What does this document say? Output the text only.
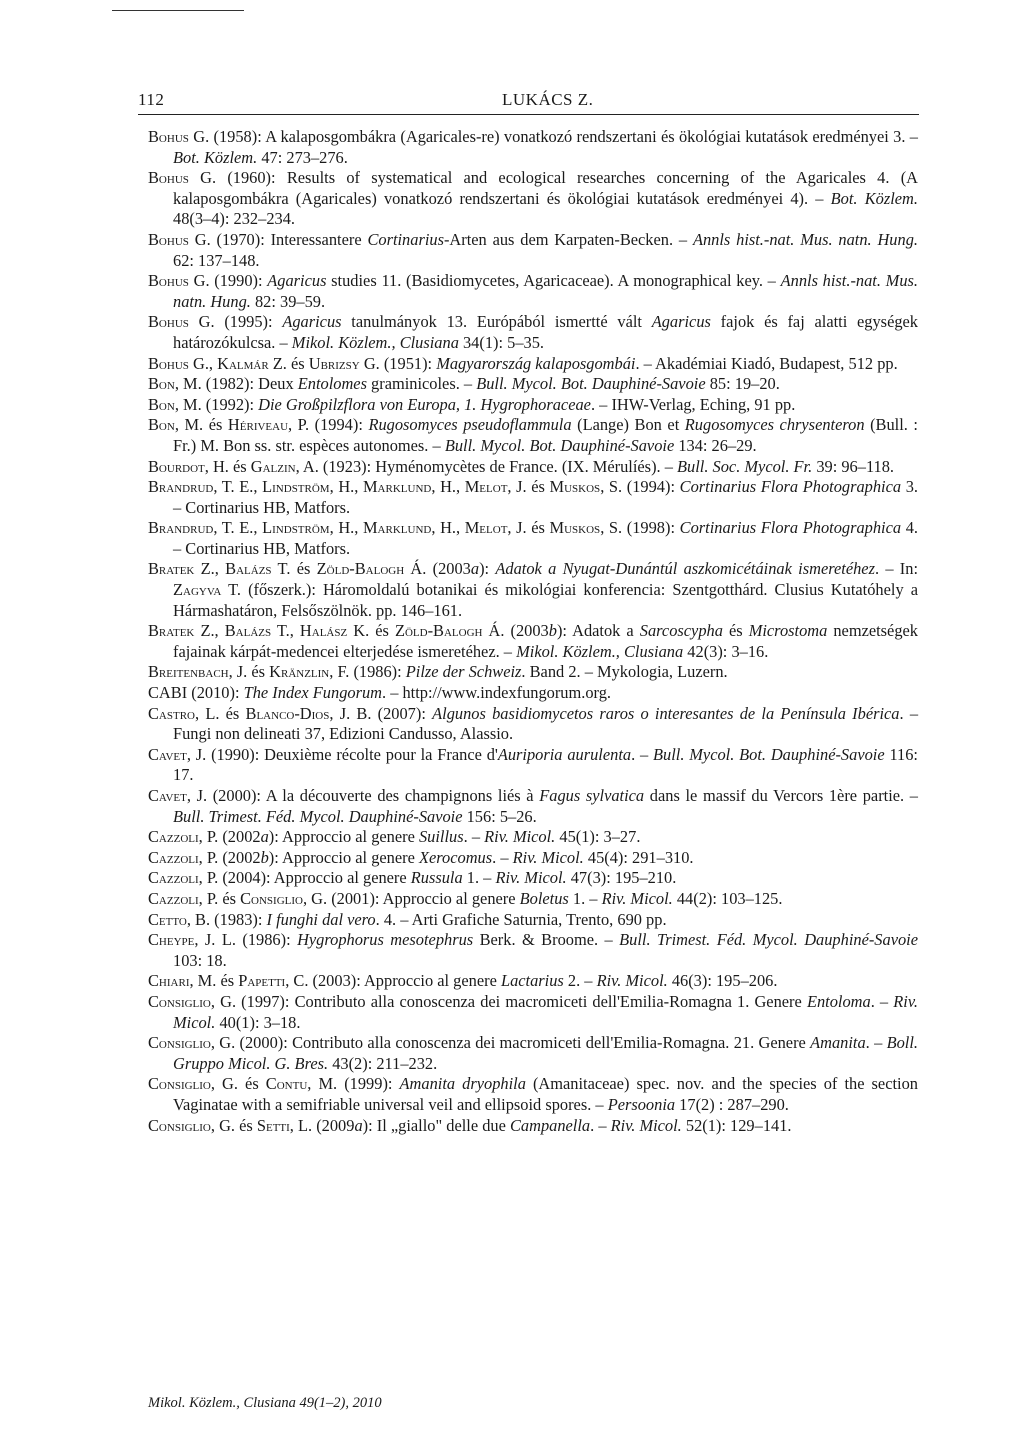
112	LUKÁCS Z.

Bohus G. (1958): A kalaposgombákra (Agaricales-re) vonatkozó rendszertani és ökológiai kutatások eredményei 3. – Bot. Közlem. 47: 273–276.

Bohus G. (1960): Results of systematical and ecological researches concerning of the Agaricales 4. (A kalaposgombákra (Agaricales) vonatkozó rendszertani és ökológiai kutatások eredményei 4). – Bot. Közlem. 48(3–4): 232–234.

Bohus G. (1970): Interessantere Cortinarius-Arten aus dem Karpaten-Becken. – Annls hist.-nat. Mus. natn. Hung. 62: 137–148.

Bohus G. (1990): Agaricus studies 11. (Basidiomycetes, Agaricaceae). A monographical key. – Annls hist.-nat. Mus. natn. Hung. 82: 39–59.

Bohus G. (1995): Agaricus tanulmányok 13. Európából ismertté vált Agaricus fajok és faj alatti egységek határozókulcsa. – Mikol. Közlem., Clusiana 34(1): 5–35.

Bohus G., Kalmár Z. és Ubrizsy G. (1951): Magyarország kalaposgombái. – Akadémiai Kiadó, Budapest, 512 pp.

Bon, M. (1982): Deux Entolomes graminicoles. – Bull. Mycol. Bot. Dauphiné-Savoie 85: 19–20.

Bon, M. (1992): Die Großpilzflora von Europa, 1. Hygrophoraceae. – IHW-Verlag, Eching, 91 pp.

Bon, M. és Hériveau, P. (1994): Rugosomyces pseudoflammula (Lange) Bon et Rugosomyces chrysenteron (Bull. : Fr.) M. Bon ss. str. espèces autonomes. – Bull. Mycol. Bot. Dauphiné-Savoie 134: 26–29.

Bourdot, H. és Galzin, A. (1923): Hyménomycètes de France. (IX. Mérulíés). – Bull. Soc. Mycol. Fr. 39: 96–118.

Brandrud, T. E., Lindström, H., Marklund, H., Melot, J. és Muskos, S. (1994): Cortinarius Flora Photographica 3. – Cortinarius HB, Matfors.

Brandrud, T. E., Lindström, H., Marklund, H., Melot, J. és Muskos, S. (1998): Cortinarius Flora Photographica 4. – Cortinarius HB, Matfors.

Bratek Z., Balázs T. és Zöld-Balogh Á. (2003a): Adatok a Nyugat-Dunántúl aszkomicétáinak ismeretéhez. – In: Zagyva T. (főszerk.): Háromoldalú botanikai és mikológiai konferencia: Szentgotthárd. Clusius Kutatóhely a Hármashatáron, Felsőszölnök. pp. 146–161.

Bratek Z., Balázs T., Halász K. és Zöld-Balogh Á. (2003b): Adatok a Sarcoscypha és Microstoma nemzetségek fajainak kárpát-medencei elterjedése ismeretéhez. – Mikol. Közlem., Clusiana 42(3): 3–16.

Breitenbach, J. és Kränzlin, F. (1986): Pilze der Schweiz. Band 2. – Mykologia, Luzern.

CABI (2010): The Index Fungorum. – http://www.indexfungorum.org.

Castro, L. és Blanco-Dios, J. B. (2007): Algunos basidiomycetos raros o interesantes de la Península Ibérica. – Fungi non delineati 37, Edizioni Candusso, Alassio.

Cavet, J. (1990): Deuxième récolte pour la France d'Auriporia aurulenta. – Bull. Mycol. Bot. Dauphiné-Savoie 116: 17.

Cavet, J. (2000): A la découverte des champignons liés à Fagus sylvatica dans le massif du Vercors 1ère partie. – Bull. Trimest. Féd. Mycol. Dauphiné-Savoie 156: 5–26.

Cazzoli, P. (2002a): Approccio al genere Suillus. – Riv. Micol. 45(1): 3–27.

Cazzoli, P. (2002b): Approccio al genere Xerocomus. – Riv. Micol. 45(4): 291–310.

Cazzoli, P. (2004): Approccio al genere Russula 1. – Riv. Micol. 47(3): 195–210.

Cazzoli, P. és Consiglio, G. (2001): Approccio al genere Boletus 1. – Riv. Micol. 44(2): 103–125.

Cetto, B. (1983): I funghi dal vero. 4. – Arti Grafiche Saturnia, Trento, 690 pp.

Cheype, J. L. (1986): Hygrophorus mesotephrus Berk. & Broome. – Bull. Trimest. Féd. Mycol. Dauphiné-Savoie 103: 18.

Chiari, M. és Papetti, C. (2003): Approccio al genere Lactarius 2. – Riv. Micol. 46(3): 195–206.

Consiglio, G. (1997): Contributo alla conoscenza dei macromiceti dell'Emilia-Romagna 1. Genere Entoloma. – Riv. Micol. 40(1): 3–18.

Consiglio, G. (2000): Contributo alla conoscenza dei macromiceti dell'Emilia-Romagna. 21. Genere Amanita. – Boll. Gruppo Micol. G. Bres. 43(2): 211–232.

Consiglio, G. és Contu, M. (1999): Amanita dryophila (Amanitaceae) spec. nov. and the species of the section Vaginatae with a semifriable universal veil and ellipsoid spores. – Persoonia 17(2) : 287–290.

Consiglio, G. és Setti, L. (2009a): Il „giallo" delle due Campanella. – Riv. Micol. 52(1): 129–141.

Mikol. Közlem., Clusiana 49(1–2), 2010
